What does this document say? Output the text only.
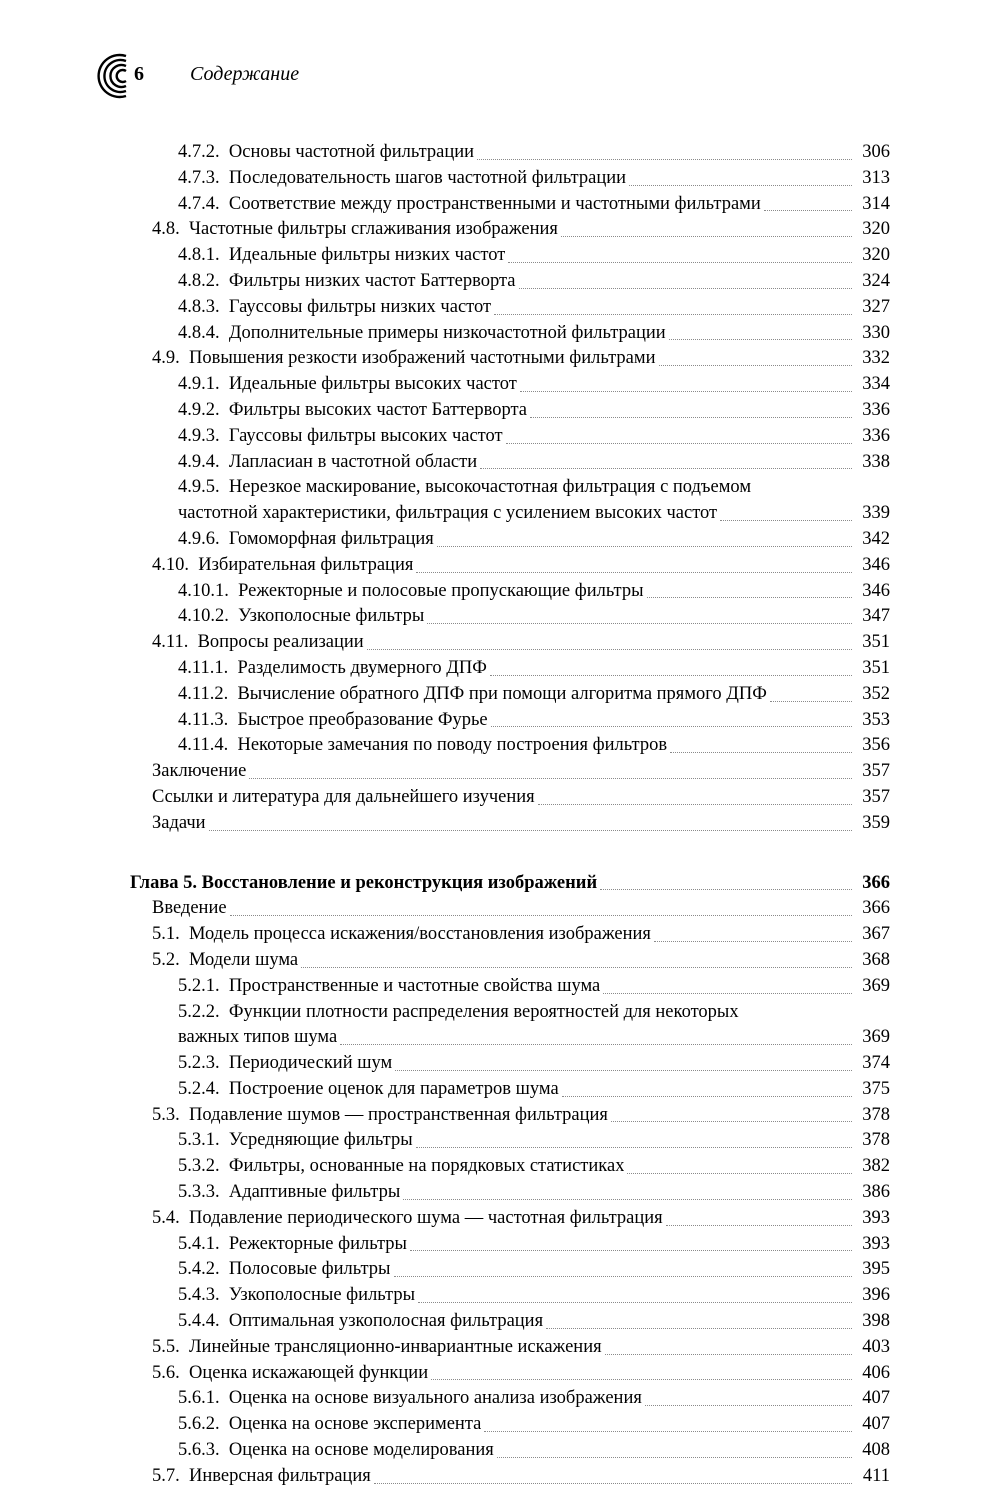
6 Содержание
4.7.2. Основы частотной фильтрации	306
4.7.3. Последовательность шагов частотной фильтрации	313
4.7.4. Соответствие между пространственными и частотными фильтрами	314
4.8. Частотные фильтры сглаживания изображения	320
4.8.1. Идеальные фильтры низких частот	320
4.8.2. Фильтры низких частот Баттерворта	324
4.8.3. Гауссовы фильтры низких частот	327
4.8.4. Дополнительные примеры низкочастотной фильтрации	330
4.9. Повышения резкости изображений частотными фильтрами	332
4.9.1. Идеальные фильтры высоких частот	334
4.9.2. Фильтры высоких частот Баттерворта	336
4.9.3. Гауссовы фильтры высоких частот	336
4.9.4. Лапласиан в частотной области	338
4.9.5. Нерезкое маскирование, высокочастотная фильтрация с подъемом
частотной характеристики, фильтрация с усилением высоких частот	339
4.9.6. Гомоморфная фильтрация	342
4.10. Избирательная фильтрация	346
4.10.1. Режекторные и полосовые пропускающие фильтры	346
4.10.2. Узкополосные фильтры	347
4.11. Вопросы реализации	351
4.11.1. Разделимость двумерного ДПФ	351
4.11.2. Вычисление обратного ДПФ при помощи алгоритма прямого ДПФ	352
4.11.3. Быстрое преобразование Фурье	353
4.11.4. Некоторые замечания по поводу построения фильтров	356
Заключение	357
Ссылки и литература для дальнейшего изучения	357
Задачи	359
Глава 5. Восстановление и реконструкция изображений	366
Введение	366
5.1. Модель процесса искажения/восстановления изображения	367
5.2. Модели шума	368
5.2.1. Пространственные и частотные свойства шума	369
5.2.2. Функции плотности распределения вероятностей для некоторых
важных типов шума	369
5.2.3. Периодический шум	374
5.2.4. Построение оценок для параметров шума	375
5.3. Подавление шумов — пространственная фильтрация	378
5.3.1. Усредняющие фильтры	378
5.3.2. Фильтры, основанные на порядковых статистиках	382
5.3.3. Адаптивные фильтры	386
5.4. Подавление периодического шума — частотная фильтрация	393
5.4.1. Режекторные фильтры	393
5.4.2. Полосовые фильтры	395
5.4.3. Узкополосные фильтры	396
5.4.4. Оптимальная узкополосная фильтрация	398
5.5. Линейные трансляционно-инвариантные искажения	403
5.6. Оценка искажающей функции	406
5.6.1. Оценка на основе визуального анализа изображения	407
5.6.2. Оценка на основе эксперимента	407
5.6.3. Оценка на основе моделирования	408
5.7. Инверсная фильтрация	411
